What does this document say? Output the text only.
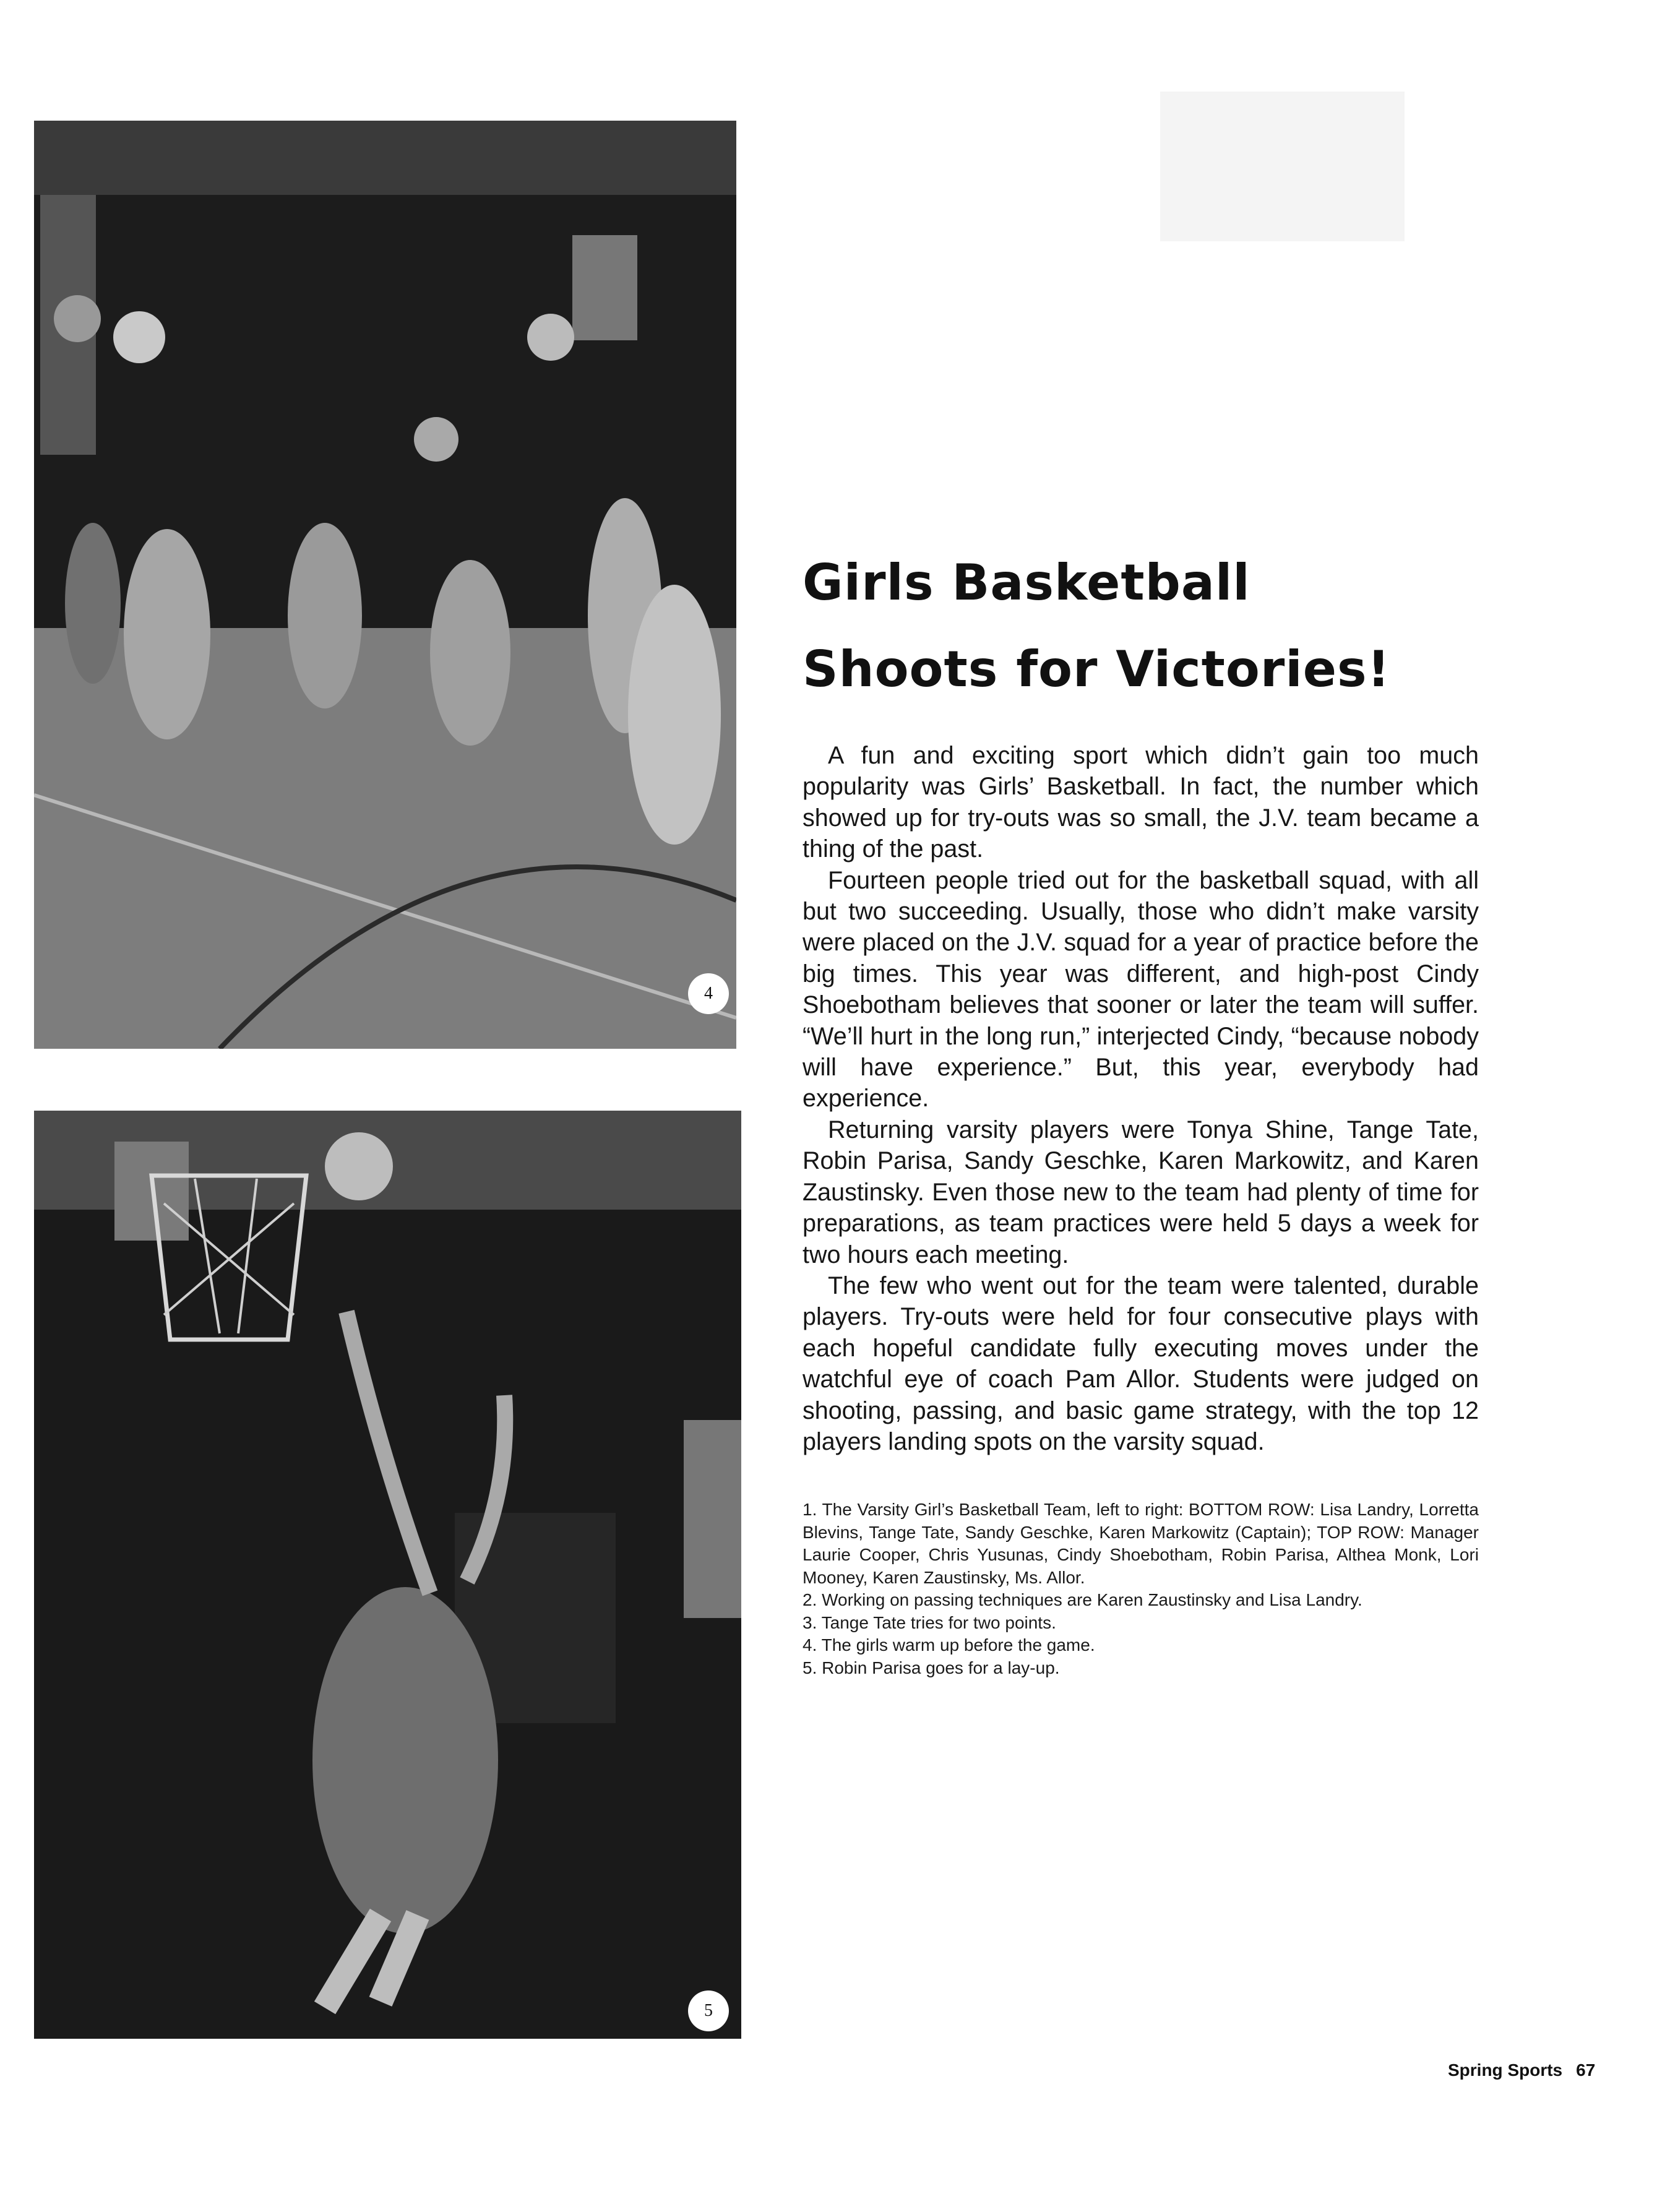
4
5
Girls Basketball
Shoots for Victories!

A fun and exciting sport which didn’t gain too much popularity was Girls’ Basketball. In fact, the number which showed up for try-outs was so small, the J.V. team became a thing of the past.

Fourteen people tried out for the basketball squad, with all but two succeeding. Usually, those who didn’t make varsity were placed on the J.V. squad for a year of practice before the big times. This year was different, and high-post Cindy Shoebotham believes that sooner or later the team will suffer. “We’ll hurt in the long run,” interjected Cindy, “because nobody will have experience.” But, this year, everybody had experience.

Returning varsity players were Tonya Shine, Tange Tate, Robin Parisa, Sandy Geschke, Karen Markowitz, and Karen Zaustinsky. Even those new to the team had plenty of time for preparations, as team practices were held 5 days a week for two hours each meeting.

The few who went out for the team were talented, durable players. Try-outs were held for four consecutive plays with each hopeful candidate fully executing moves under the watchful eye of coach Pam Allor. Students were judged on shooting, passing, and basic game strategy, with the top 12 players landing spots on the varsity squad.

1. The Varsity Girl’s Basketball Team, left to right: BOTTOM ROW: Lisa Landry, Lorretta Blevins, Tange Tate, Sandy Geschke, Karen Markowitz (Captain); TOP ROW: Manager Laurie Cooper, Chris Yusunas, Cindy Shoebotham, Robin Parisa, Althea Monk, Lori Mooney, Karen Zaustinsky, Ms. Allor.
2. Working on passing techniques are Karen Zaustinsky and Lisa Landry.
3. Tange Tate tries for two points.
4. The girls warm up before the game.
5. Robin Parisa goes for a lay-up.
Spring Sports 67
